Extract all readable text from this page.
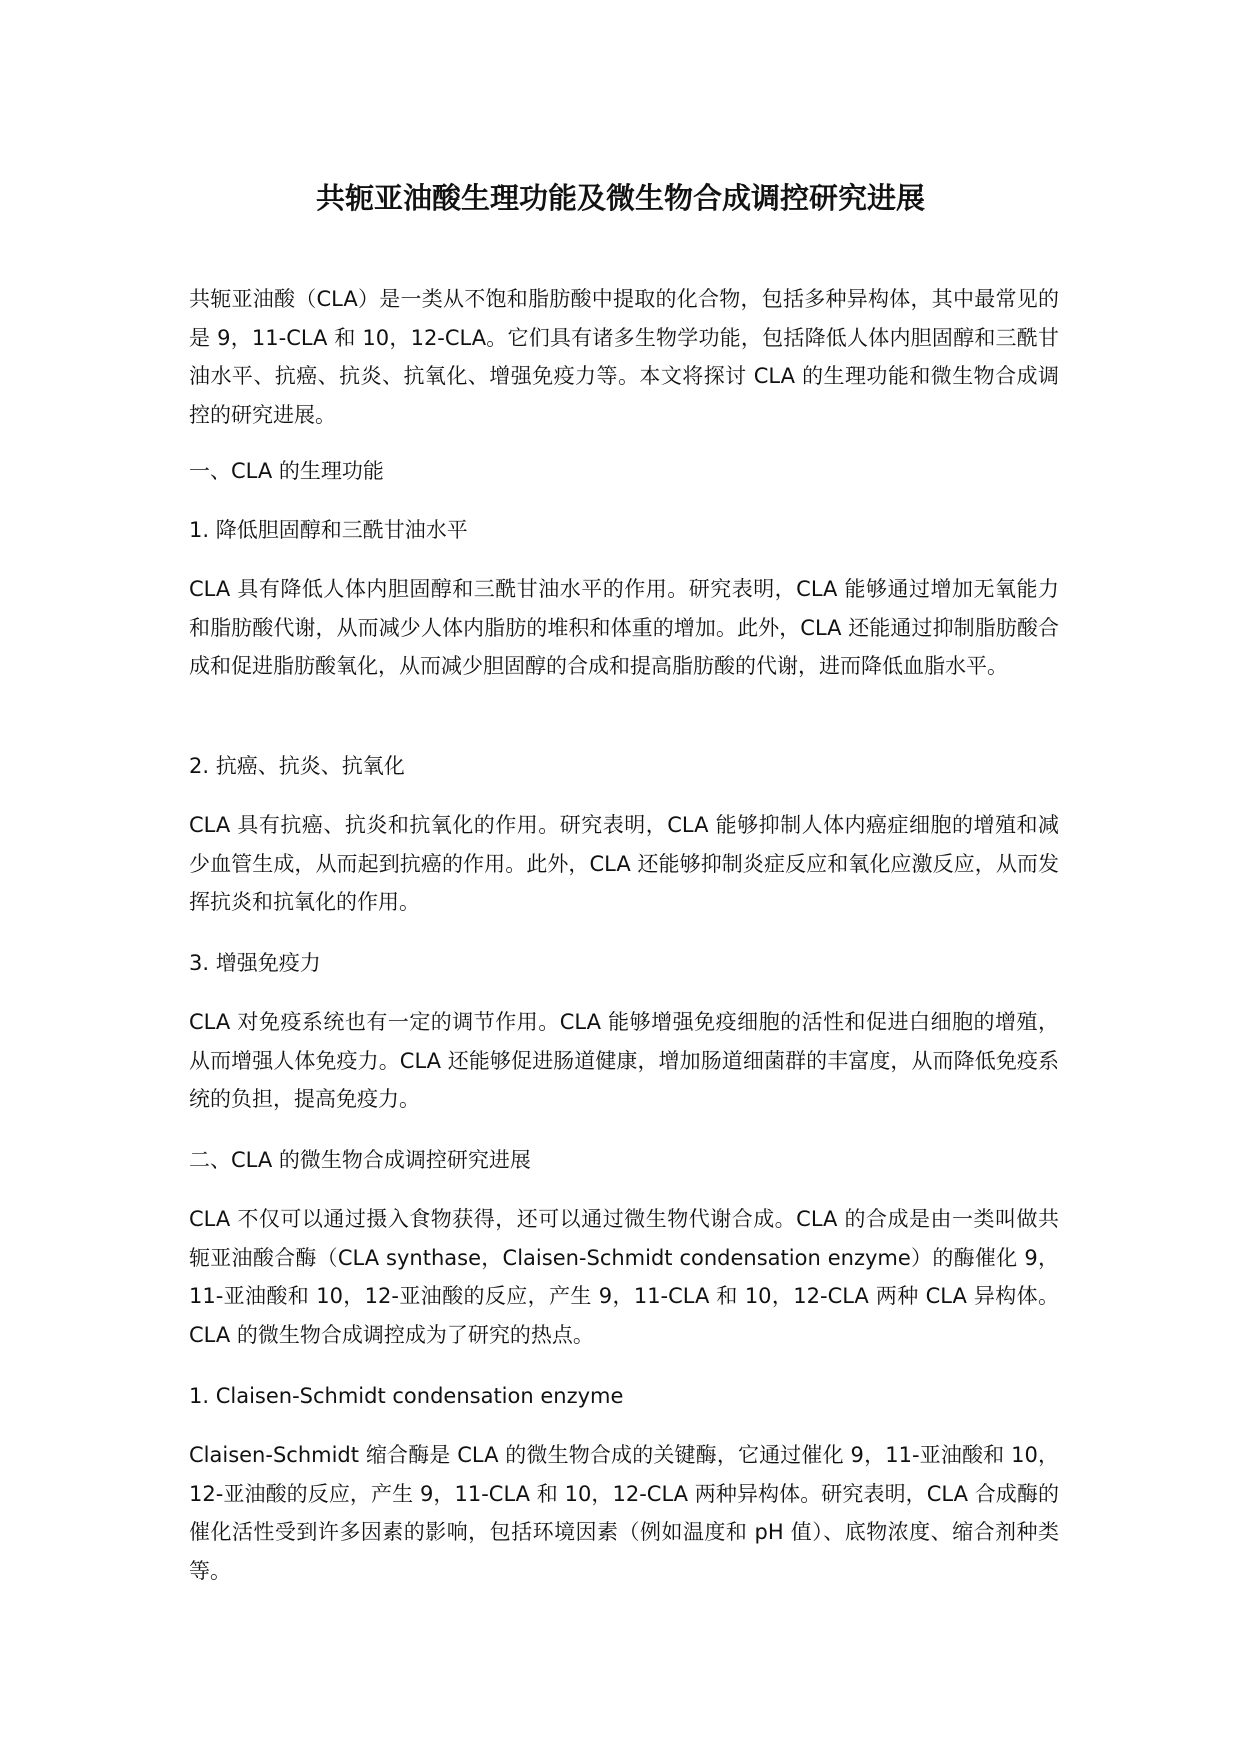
共轭亚油酸生理功能及微生物合成调控研究进展

共轭亚油酸（CLA）是一类从不饱和脂肪酸中提取的化合物，包括多种异构体，其中最常见的是 9，11-CLA 和 10，12-CLA。它们具有诸多生物学功能，包括降低人体内胆固醇和三酰甘油水平、抗癌、抗炎、抗氧化、增强免疫力等。本文将探讨 CLA 的生理功能和微生物合成调控的研究进展。

一、CLA 的生理功能
1. 降低胆固醇和三酰甘油水平

CLA 具有降低人体内胆固醇和三酰甘油水平的作用。研究表明，CLA 能够通过增加无氧能力和脂肪酸代谢，从而减少人体内脂肪的堆积和体重的增加。此外，CLA 还能通过抑制脂肪酸合成和促进脂肪酸氧化，从而减少胆固醇的合成和提高脂肪酸的代谢，进而降低血脂水平。

2. 抗癌、抗炎、抗氧化

CLA 具有抗癌、抗炎和抗氧化的作用。研究表明，CLA 能够抑制人体内癌症细胞的增殖和减少血管生成，从而起到抗癌的作用。此外，CLA 还能够抑制炎症反应和氧化应激反应，从而发挥抗炎和抗氧化的作用。

3. 增强免疫力

CLA 对免疫系统也有一定的调节作用。CLA 能够增强免疫细胞的活性和促进白细胞的增殖，从而增强人体免疫力。CLA 还能够促进肠道健康，增加肠道细菌群的丰富度，从而降低免疫系统的负担，提高免疫力。

二、CLA 的微生物合成调控研究进展

CLA 不仅可以通过摄入食物获得，还可以通过微生物代谢合成。CLA 的合成是由一类叫做共轭亚油酸合酶（CLA synthase，Claisen-Schmidt condensation enzyme）的酶催化 9，11-亚油酸和 10，12-亚油酸的反应，产生 9，11-CLA 和 10，12-CLA 两种 CLA 异构体。CLA 的微生物合成调控成为了研究的热点。

1. Claisen-Schmidt condensation enzyme

Claisen-Schmidt 缩合酶是 CLA 的微生物合成的关键酶，它通过催化 9，11-亚油酸和 10，12-亚油酸的反应，产生 9，11-CLA 和 10，12-CLA 两种异构体。研究表明，CLA 合成酶的催化活性受到许多因素的影响，包括环境因素（例如温度和 pH 值）、底物浓度、缩合剂种类等。
